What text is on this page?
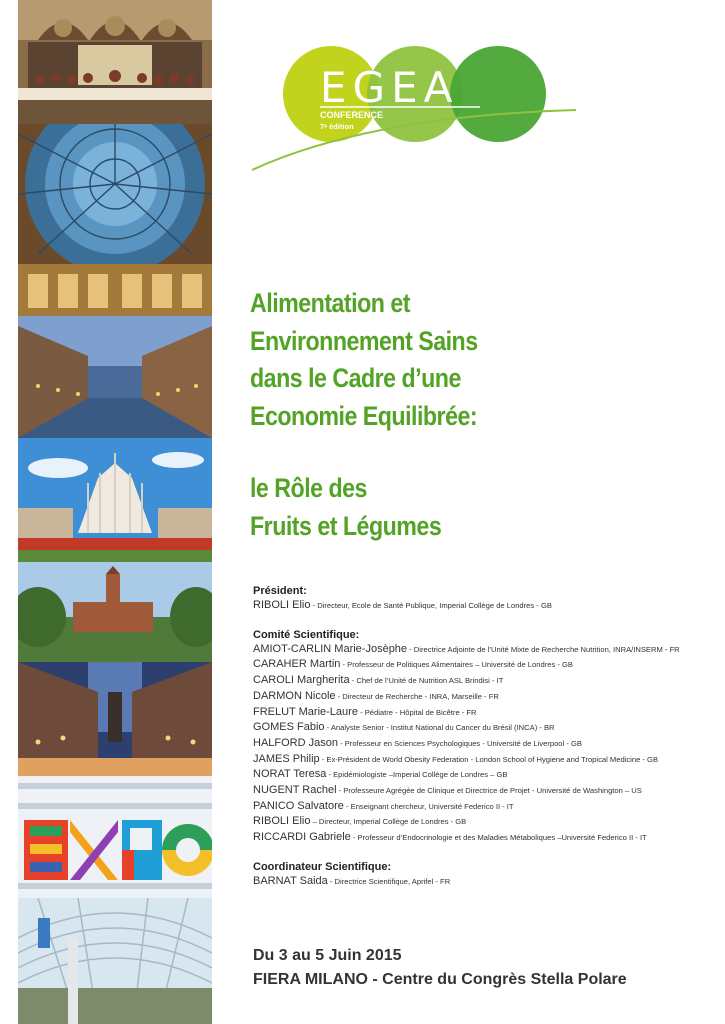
EGEA
CONFERENCE
7ᵉ édition
Alimentation et
Environnement Sains
dans le Cadre d’une
Economie Equilibrée:
le Rôle des
Fruits et Légumes
Président:
RIBOLI Elio - Directeur, Ecole de Santé Publique, Imperial Collège de Londres - GB
Comité Scientifique:
AMIOT-CARLIN Marie-Josèphe - Directrice Adjointe de l’Unité Mixte de Recherche Nutrition, INRA/INSERM - FR
CARAHER Martin - Professeur de Politiques Alimentaires – Université de Londres - GB
CAROLI Margherita - Chef de l’Unité de Nutrition ASL Brindisi - IT
DARMON Nicole - Directeur de Recherche - INRA, Marseille - FR
FRELUT Marie-Laure - Pédiatre - Hôpital de Bicêtre - FR
GOMES Fabio - Analyste Senior - Institut National du Cancer du Brésil (INCA) - BR
HALFORD Jason - Professeur en Sciences Psychologiques - Université de Liverpool - GB
JAMES Philip - Ex-Président de World Obesity Federation - London School of Hygiene and Tropical Medicine - GB
NORAT Teresa - Epidémiologiste –Imperial Collège de Londres – GB
NUGENT Rachel - Professeure Agrégée de Clinique et Directrice de Projet - Université de Washington – US
PANICO Salvatore - Enseignant chercheur, Université Federico II - IT
RIBOLI Elio – Directeur, Imperial Collège de Londres - GB
RICCARDI Gabriele - Professeur d’Endocrinologie et des Maladies Métaboliques –Université Federico II - IT
Coordinateur Scientifique:
BARNAT Saida - Directrice Scientifique, Aprifel - FR
Du 3 au 5 Juin 2015
FIERA MILANO - Centre du Congrès Stella Polare
